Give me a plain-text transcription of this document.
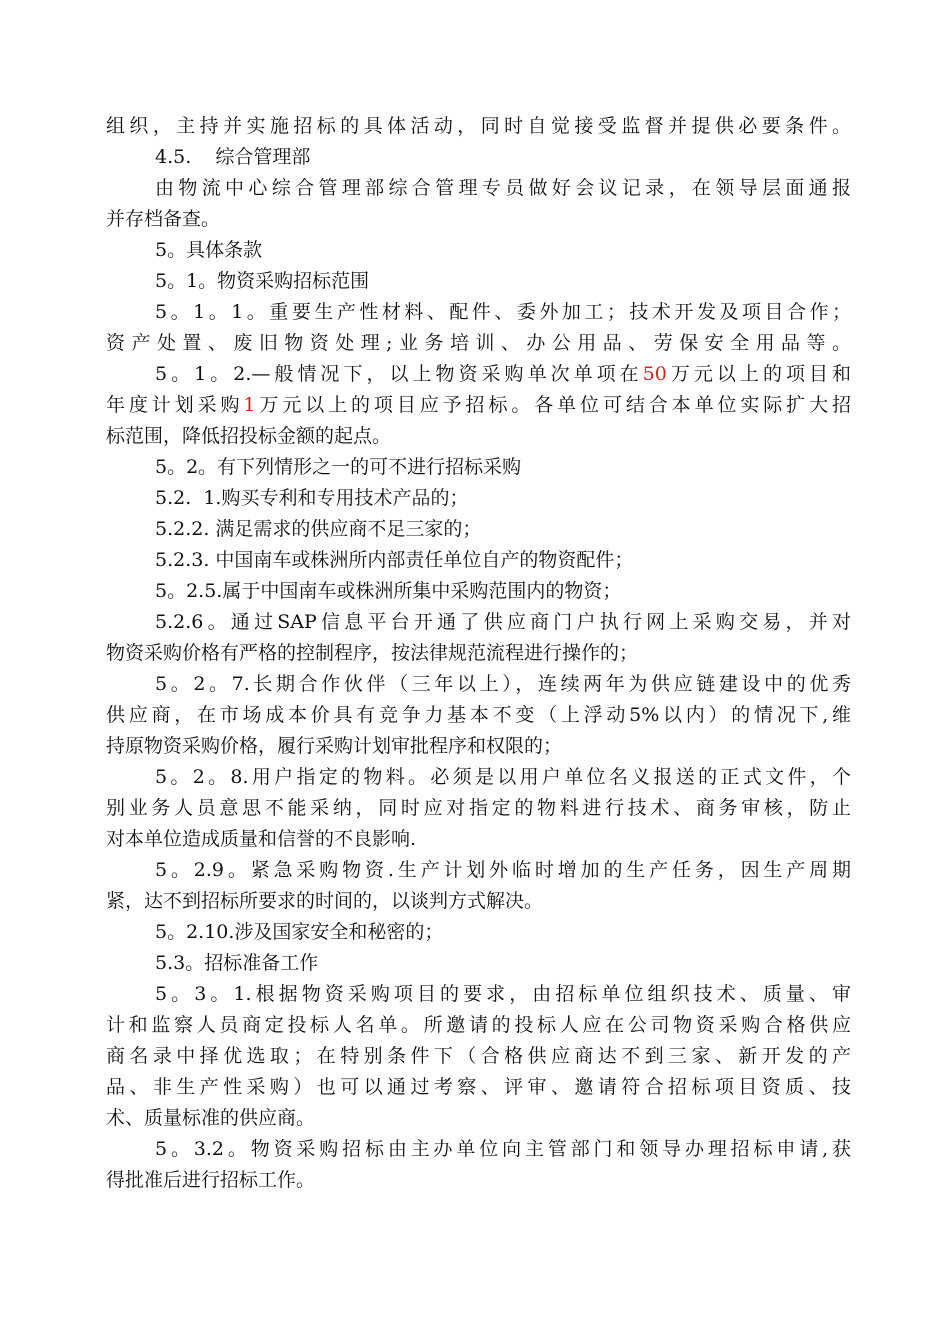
组织，主持并实施招标的具体活动，同时自觉接受监督并提供必要条件。
4.5.    综合管理部
由物流中心综合管理部综合管理专员做好会议记录，在领导层面通报
并存档备查。
5。具体条款
5。1。物资采购招标范围
5。1。1。重要生产性材料、配件、委外加工；技术开发及项目合作；
资产处置、废旧物资处理;业务培训、办公用品、劳保安全用品等。
5。1。2.—般情况下，以上物资采购单次单项在50万元以上的项目和
年度计划采购1万元以上的项目应予招标。各单位可结合本单位实际扩大招
标范围，降低招投标金额的起点。
5。2。有下列情形之一的可不进行招标采购
5.2.  1.购买专利和专用技术产品的；
5.2.2. 满足需求的供应商不足三家的；
5.2.3. 中国南车或株洲所内部责任单位自产的物资配件；
5。2.5.属于中国南车或株洲所集中采购范围内的物资；
5.2.6。通过SAP信息平台开通了供应商门户执行网上采购交易，并对
物资采购价格有严格的控制程序，按法律规范流程进行操作的；
5。2。7.长期合作伙伴（三年以上），连续两年为供应链建设中的优秀
供应商，在市场成本价具有竞争力基本不变（上浮动5%以内）的情况下,维
持原物资采购价格，履行采购计划审批程序和权限的；
5。2。8.用户指定的物料。必须是以用户单位名义报送的正式文件，个
别业务人员意思不能采纳，同时应对指定的物料进行技术、商务审核，防止
对本单位造成质量和信誉的不良影响.
5。2.9。紧急采购物资.生产计划外临时增加的生产任务，因生产周期
紧，达不到招标所要求的时间的，以谈判方式解决。
5。2.10.涉及国家安全和秘密的；
5.3。招标准备工作
5。3。1.根据物资采购项目的要求，由招标单位组织技术、质量、审
计和监察人员商定投标人名单。所邀请的投标人应在公司物资采购合格供应
商名录中择优选取；在特别条件下（合格供应商达不到三家、新开发的产
品、非生产性采购）也可以通过考察、评审、邀请符合招标项目资质、技
术、质量标准的供应商。
5。3.2。物资采购招标由主办单位向主管部门和领导办理招标申请,获
得批准后进行招标工作。
